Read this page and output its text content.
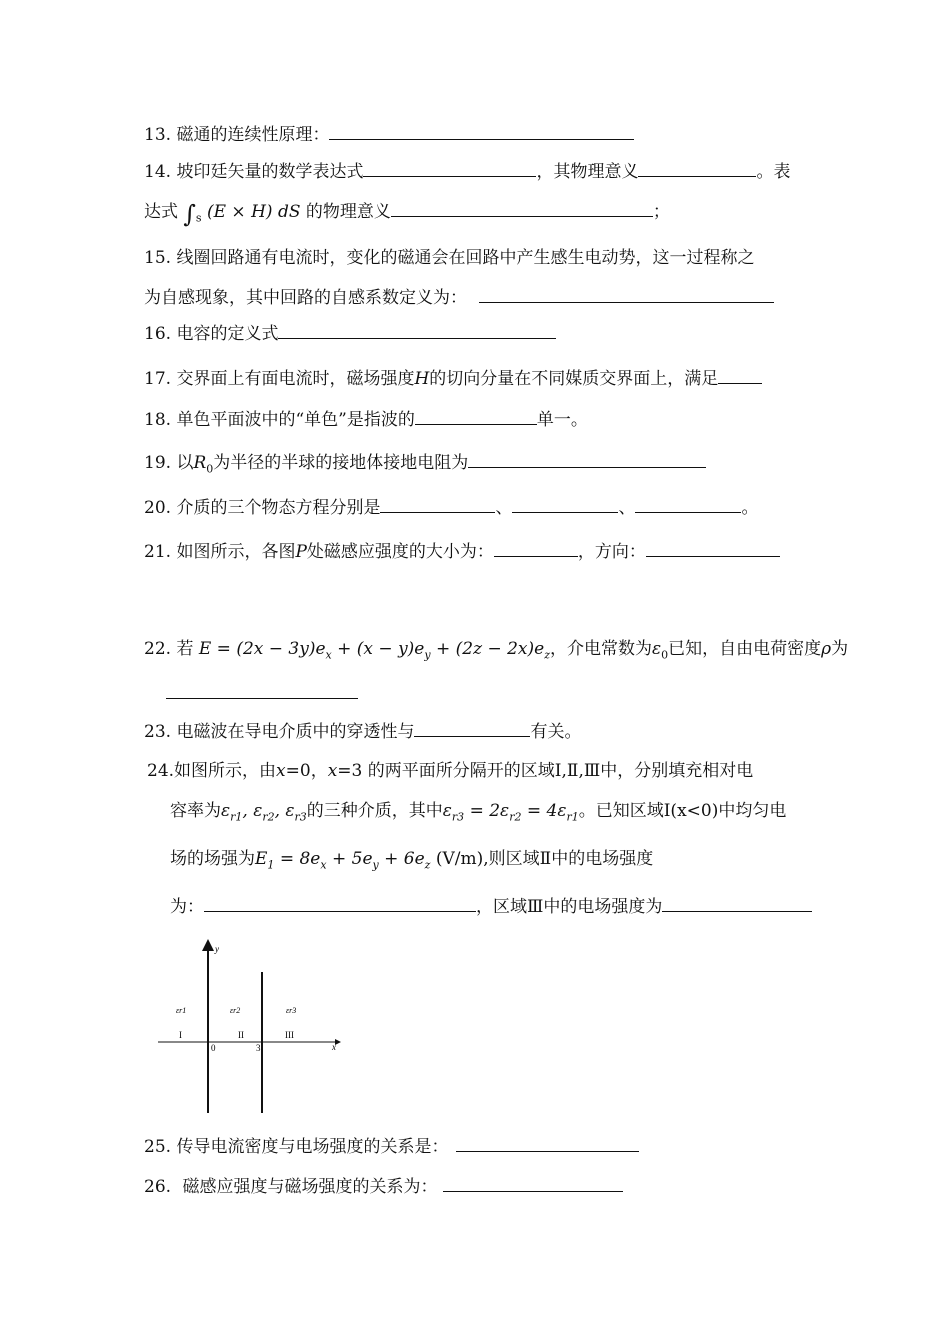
13. 磁通的连续性原理：
14. 坡印廷矢量的数学表达式	，其物理意义	。表
达式 $\int_s$ (E × H) dS 的物理意义	；
15. 线圈回路通有电流时，变化的磁通会在回路中产生感生电动势，这一过程称之
为自感现象，其中回路的自感系数定义为：
16. 电容的定义式
17. 交界面上有面电流时，磁场强度H的切向分量在不同媒质交界面上，满足
18. 单色平面波中的“单色”是指波的	单一。
19. 以$R_0$为半径的半球的接地体接地电阻为
20. 介质的三个物态方程分别是	、	、	。
21. 如图所示，各图P处磁感应强度的大小为：	，方向：
22. 若 $E = (2x - 3y)e_x + (x - y)e_y + (2z - 2x)e_z$，介电常数为$\varepsilon_0$已知，自由电荷密度ρ为
23. 电磁波在导电介质中的穿透性与	有关。
24.如图所示，由x=0，x=3 的两平面所分隔开的区域Ⅰ,Ⅱ,Ⅲ中，分别填充相对电
容率为$\varepsilon_{r1}$, $\varepsilon_{r2}$, $\varepsilon_{r3}$的三种介质，其中$\varepsilon_{r3} = 2\varepsilon_{r2} = 4\varepsilon_{r1}$。已知区域Ⅰ(x<0)中均匀电
场的场强为$E_1 = 8e_x + 5e_y + 6e_z$ (V/m),则区域Ⅱ中的电场强度
为：	，区域Ⅲ中的电场强度为
y
x
0	3
εr1	εr2	εr3
I	II	III
25. 传导电流密度与电场强度的关系是：
26. 磁感应强度与磁场强度的关系为：
